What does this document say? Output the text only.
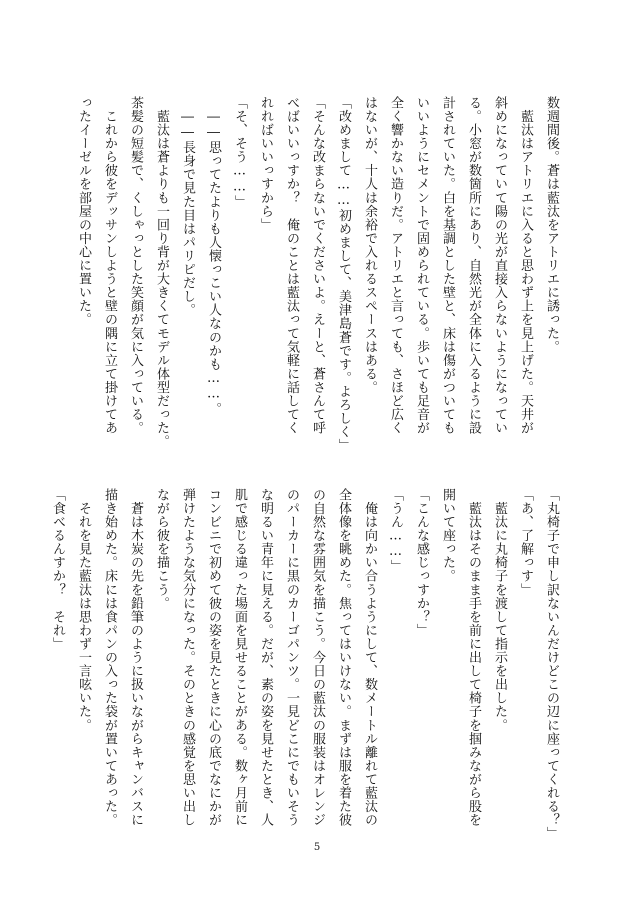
数週間後。蒼は藍汰をアトリエに誘った。
　藍汰はアトリエに入ると思わず上を見上げた。天井が
斜めになっていて陽の光が直接入らないようになってい
る。小窓が数箇所にあり、自然光が全体に入るように設
計されていた。白を基調とした壁と、床は傷がついても
いいようにセメントで固められている。歩いても足音が
全く響かない造りだ。アトリエと言っても、さほど広く
はないが、十人は余裕で入れるスペースはある。
「改めまして……初めまして、美津島蒼です。よろしく」
「そんな改まらないでくださいよ。えーと、蒼さんて呼
べばいいっすか？　俺のことは藍汰って気軽に話してく
れればいいっすから」
「そ、そう……」
　――思ってたよりも人懐っこい人なのかも……。
　――長身で見た目はパリピだし。
　藍汰は蒼よりも一回り背が大きくてモデル体型だった。
茶髪の短髪で、くしゃっとした笑顔が気に入っている。
　これから彼をデッサンしようと壁の隅に立て掛けてあ
ったイーゼルを部屋の中心に置いた。
「丸椅子で申し訳ないんだけどこの辺に座ってくれる？」
「あ、了解っす」
　藍汰に丸椅子を渡して指示を出した。
　藍汰はそのまま手を前に出して椅子を掴みながら股を
開いて座った。
「こんな感じっすか？」
「うん……」
　俺は向かい合うようにして、数メートル離れて藍汰の
全体像を眺めた。焦ってはいけない。まずは服を着た彼
の自然な雰囲気を描こう。今日の藍汰の服装はオレンジ
のパーカーに黒のカーゴパンツ。一見どこにでもいそう
な明るい青年に見える。だが、素の姿を見せたとき、人
肌で感じる違った場面を見せることがある。数ヶ月前に
コンビニで初めて彼の姿を見たときに心の底でなにかが
弾けたような気分になった。そのときの感覚を思い出し
ながら彼を描こう。
　蒼は木炭の先を鉛筆のように扱いながらキャンバスに
描き始めた。床には食パンの入った袋が置いてあった。
　それを見た藍汰は思わず一言呟いた。
「食べるんすか？　それ」
5
